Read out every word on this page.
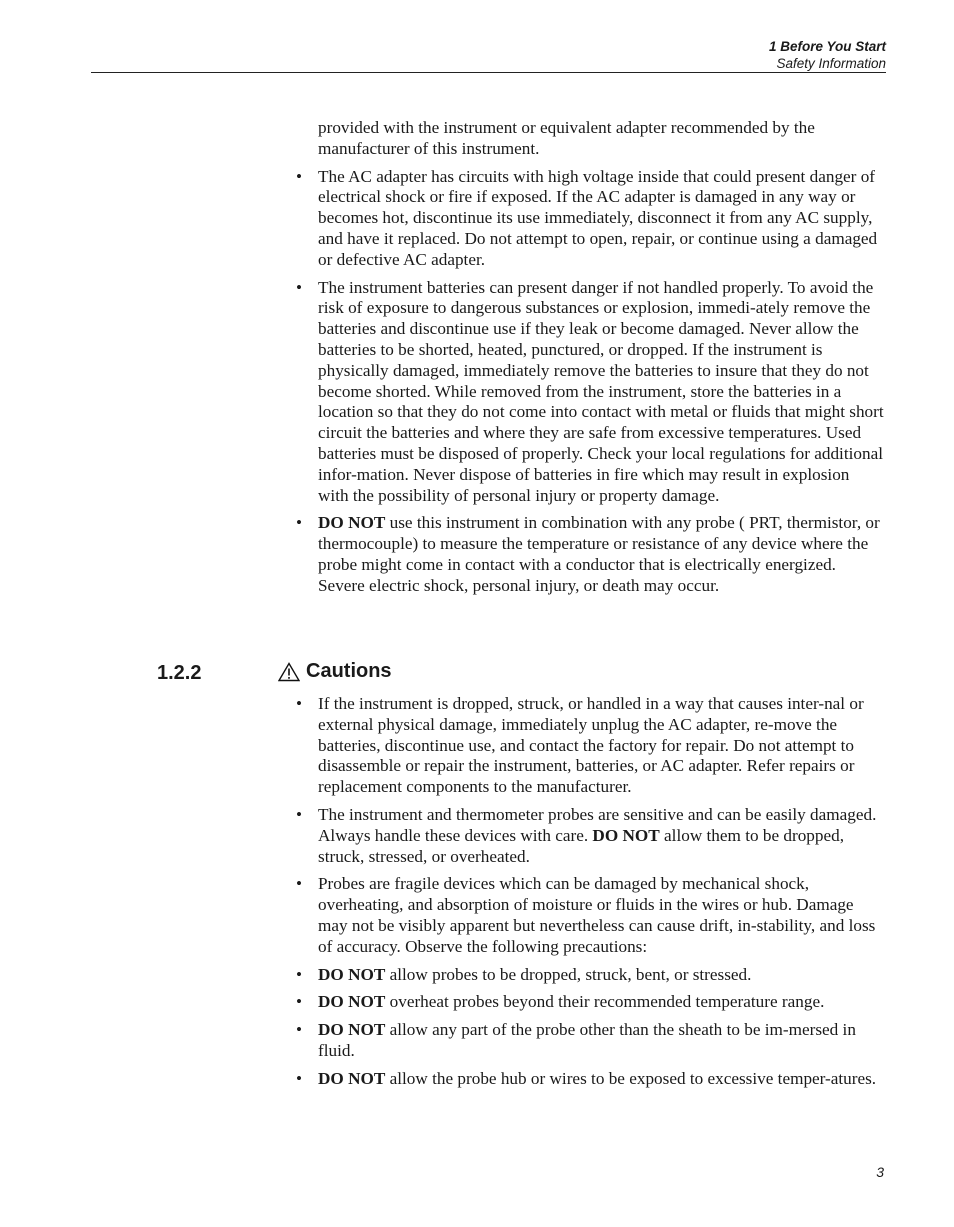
1 Before You Start
Safety Information

provided with the instrument or equivalent adapter recommended by the manufacturer of this instrument.

• The AC adapter has circuits with high voltage inside that could present danger of electrical shock or fire if exposed. If the AC adapter is damaged in any way or becomes hot, discontinue its use immediately, disconnect it from any AC supply, and have it replaced. Do not attempt to open, repair, or continue using a damaged or defective AC adapter.

• The instrument batteries can present danger if not handled properly. To avoid the risk of exposure to dangerous substances or explosion, immedi-ately remove the batteries and discontinue use if they leak or become damaged. Never allow the batteries to be shorted, heated, punctured, or dropped. If the instrument is physically damaged, immediately remove the batteries to insure that they do not become shorted. While removed from the instrument, store the batteries in a location so that they do not come into contact with metal or fluids that might short circuit the batteries and where they are safe from excessive temperatures. Used batteries must be disposed of properly. Check your local regulations for additional infor-mation. Never dispose of batteries in fire which may result in explosion with the possibility of personal injury or property damage.

• DO NOT use this instrument in combination with any probe ( PRT, thermistor, or thermocouple) to measure the temperature or resistance of any device where the probe might come in contact with a conductor that is electrically energized. Severe electric shock, personal injury, or death may occur.

1.2.2	Cautions

• If the instrument is dropped, struck, or handled in a way that causes inter-nal or external physical damage, immediately unplug the AC adapter, re-move the batteries, discontinue use, and contact the factory for repair. Do not attempt to disassemble or repair the instrument, batteries, or AC adapter. Refer repairs or replacement components to the manufacturer.

• The instrument and thermometer probes are sensitive and can be easily damaged. Always handle these devices with care. DO NOT allow them to be dropped, struck, stressed, or overheated.

• Probes are fragile devices which can be damaged by mechanical shock, overheating, and absorption of moisture or fluids in the wires or hub. Damage may not be visibly apparent but nevertheless can cause drift, in-stability, and loss of accuracy. Observe the following precautions:

• DO NOT allow probes to be dropped, struck, bent, or stressed.

• DO NOT overheat probes beyond their recommended temperature range.

• DO NOT allow any part of the probe other than the sheath to be im-mersed in fluid.

• DO NOT allow the probe hub or wires to be exposed to excessive temper-atures.

3
